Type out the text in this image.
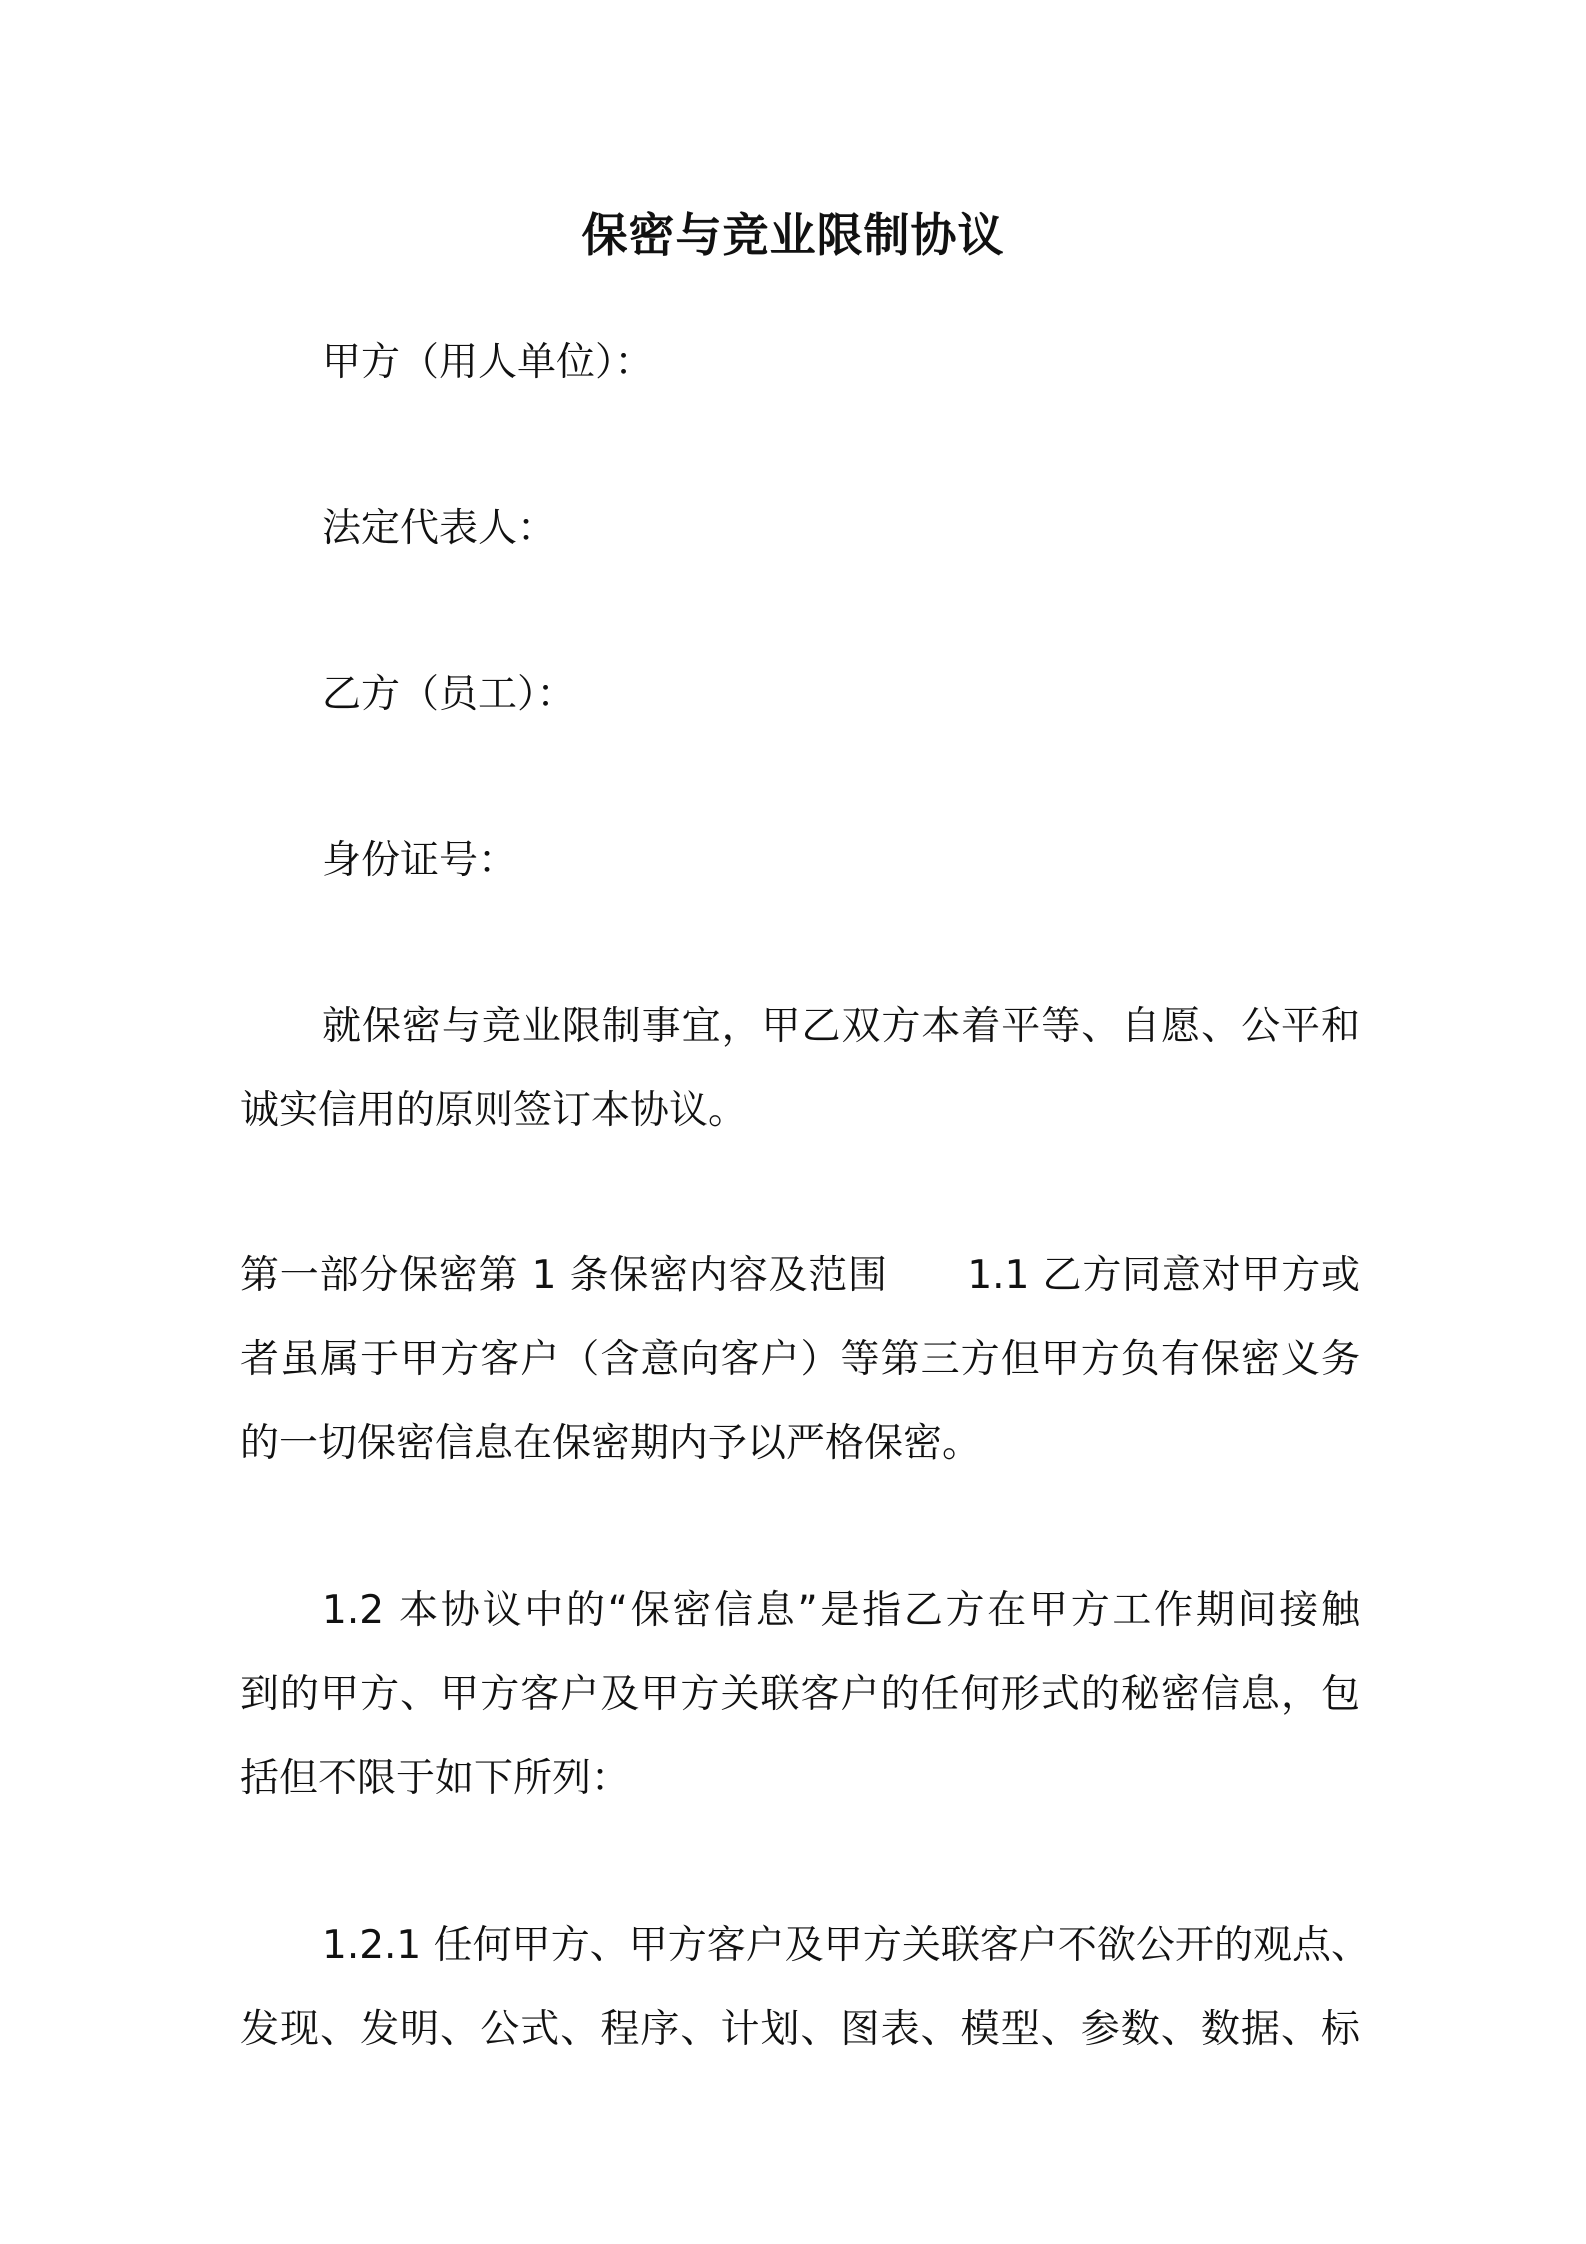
保密与竞业限制协议
甲方（用人单位）：
法定代表人：
乙方（员工）：
身份证号：
就保密与竞业限制事宜，甲乙双方本着平等、自愿、公平和
诚实信用的原则签订本协议。
第一部分保密第 1 条保密内容及范围　　1.1 乙方同意对甲方或
者虽属于甲方客户（含意向客户）等第三方但甲方负有保密义务
的一切保密信息在保密期内予以严格保密。
1.2 本协议中的“保密信息”是指乙方在甲方工作期间接触
到的甲方、甲方客户及甲方关联客户的任何形式的秘密信息，包
括但不限于如下所列：
1.2.1 任何甲方、甲方客户及甲方关联客户不欲公开的观点、
发现、发明、公式、程序、计划、图表、模型、参数、数据、标
